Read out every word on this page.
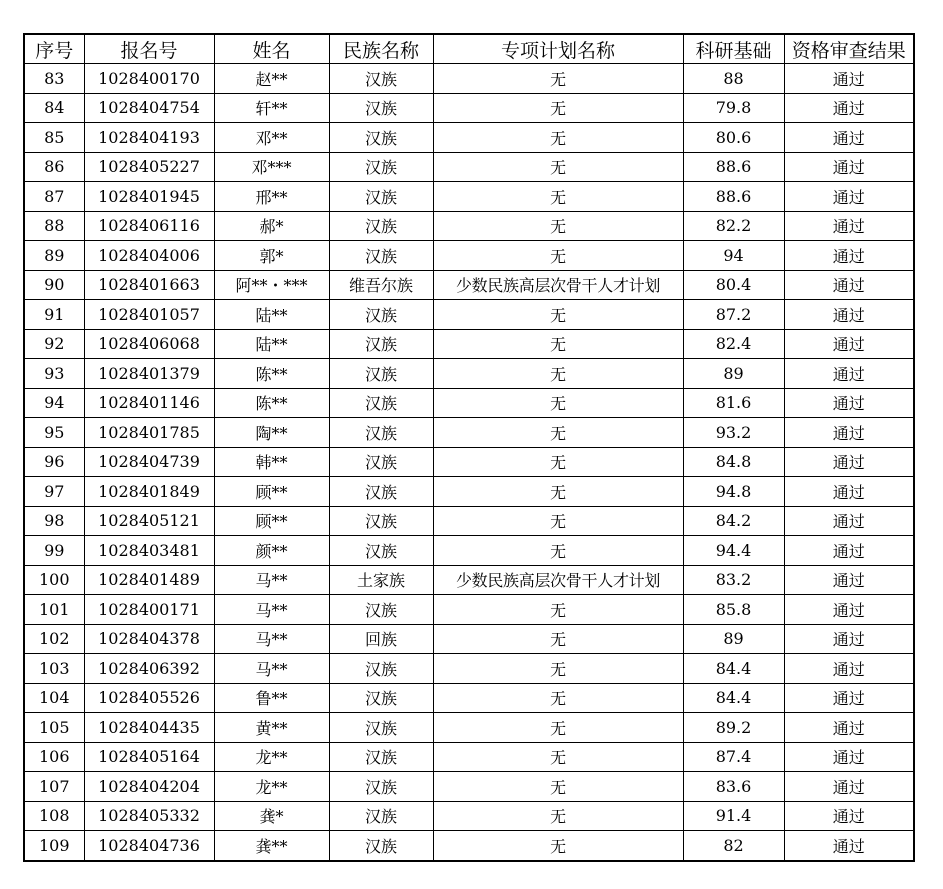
序号	报名号	姓名	民族名称	专项计划名称	科研基础	资格审查结果
83	1028400170	赵**	汉族	无	88	通过
84	1028404754	轩**	汉族	无	79.8	通过
85	1028404193	邓**	汉族	无	80.6	通过
86	1028405227	邓***	汉族	无	88.6	通过
87	1028401945	邢**	汉族	无	88.6	通过
88	1028406116	郝*	汉族	无	82.2	通过
89	1028404006	郭*	汉族	无	94	通过
90	1028401663	阿**・***	维吾尔族	少数民族高层次骨干人才计划	80.4	通过
91	1028401057	陆**	汉族	无	87.2	通过
92	1028406068	陆**	汉族	无	82.4	通过
93	1028401379	陈**	汉族	无	89	通过
94	1028401146	陈**	汉族	无	81.6	通过
95	1028401785	陶**	汉族	无	93.2	通过
96	1028404739	韩**	汉族	无	84.8	通过
97	1028401849	顾**	汉族	无	94.8	通过
98	1028405121	顾**	汉族	无	84.2	通过
99	1028403481	颜**	汉族	无	94.4	通过
100	1028401489	马**	土家族	少数民族高层次骨干人才计划	83.2	通过
101	1028400171	马**	汉族	无	85.8	通过
102	1028404378	马**	回族	无	89	通过
103	1028406392	马**	汉族	无	84.4	通过
104	1028405526	鲁**	汉族	无	84.4	通过
105	1028404435	黄**	汉族	无	89.2	通过
106	1028405164	龙**	汉族	无	87.4	通过
107	1028404204	龙**	汉族	无	83.6	通过
108	1028405332	龚*	汉族	无	91.4	通过
109	1028404736	龚**	汉族	无	82	通过
